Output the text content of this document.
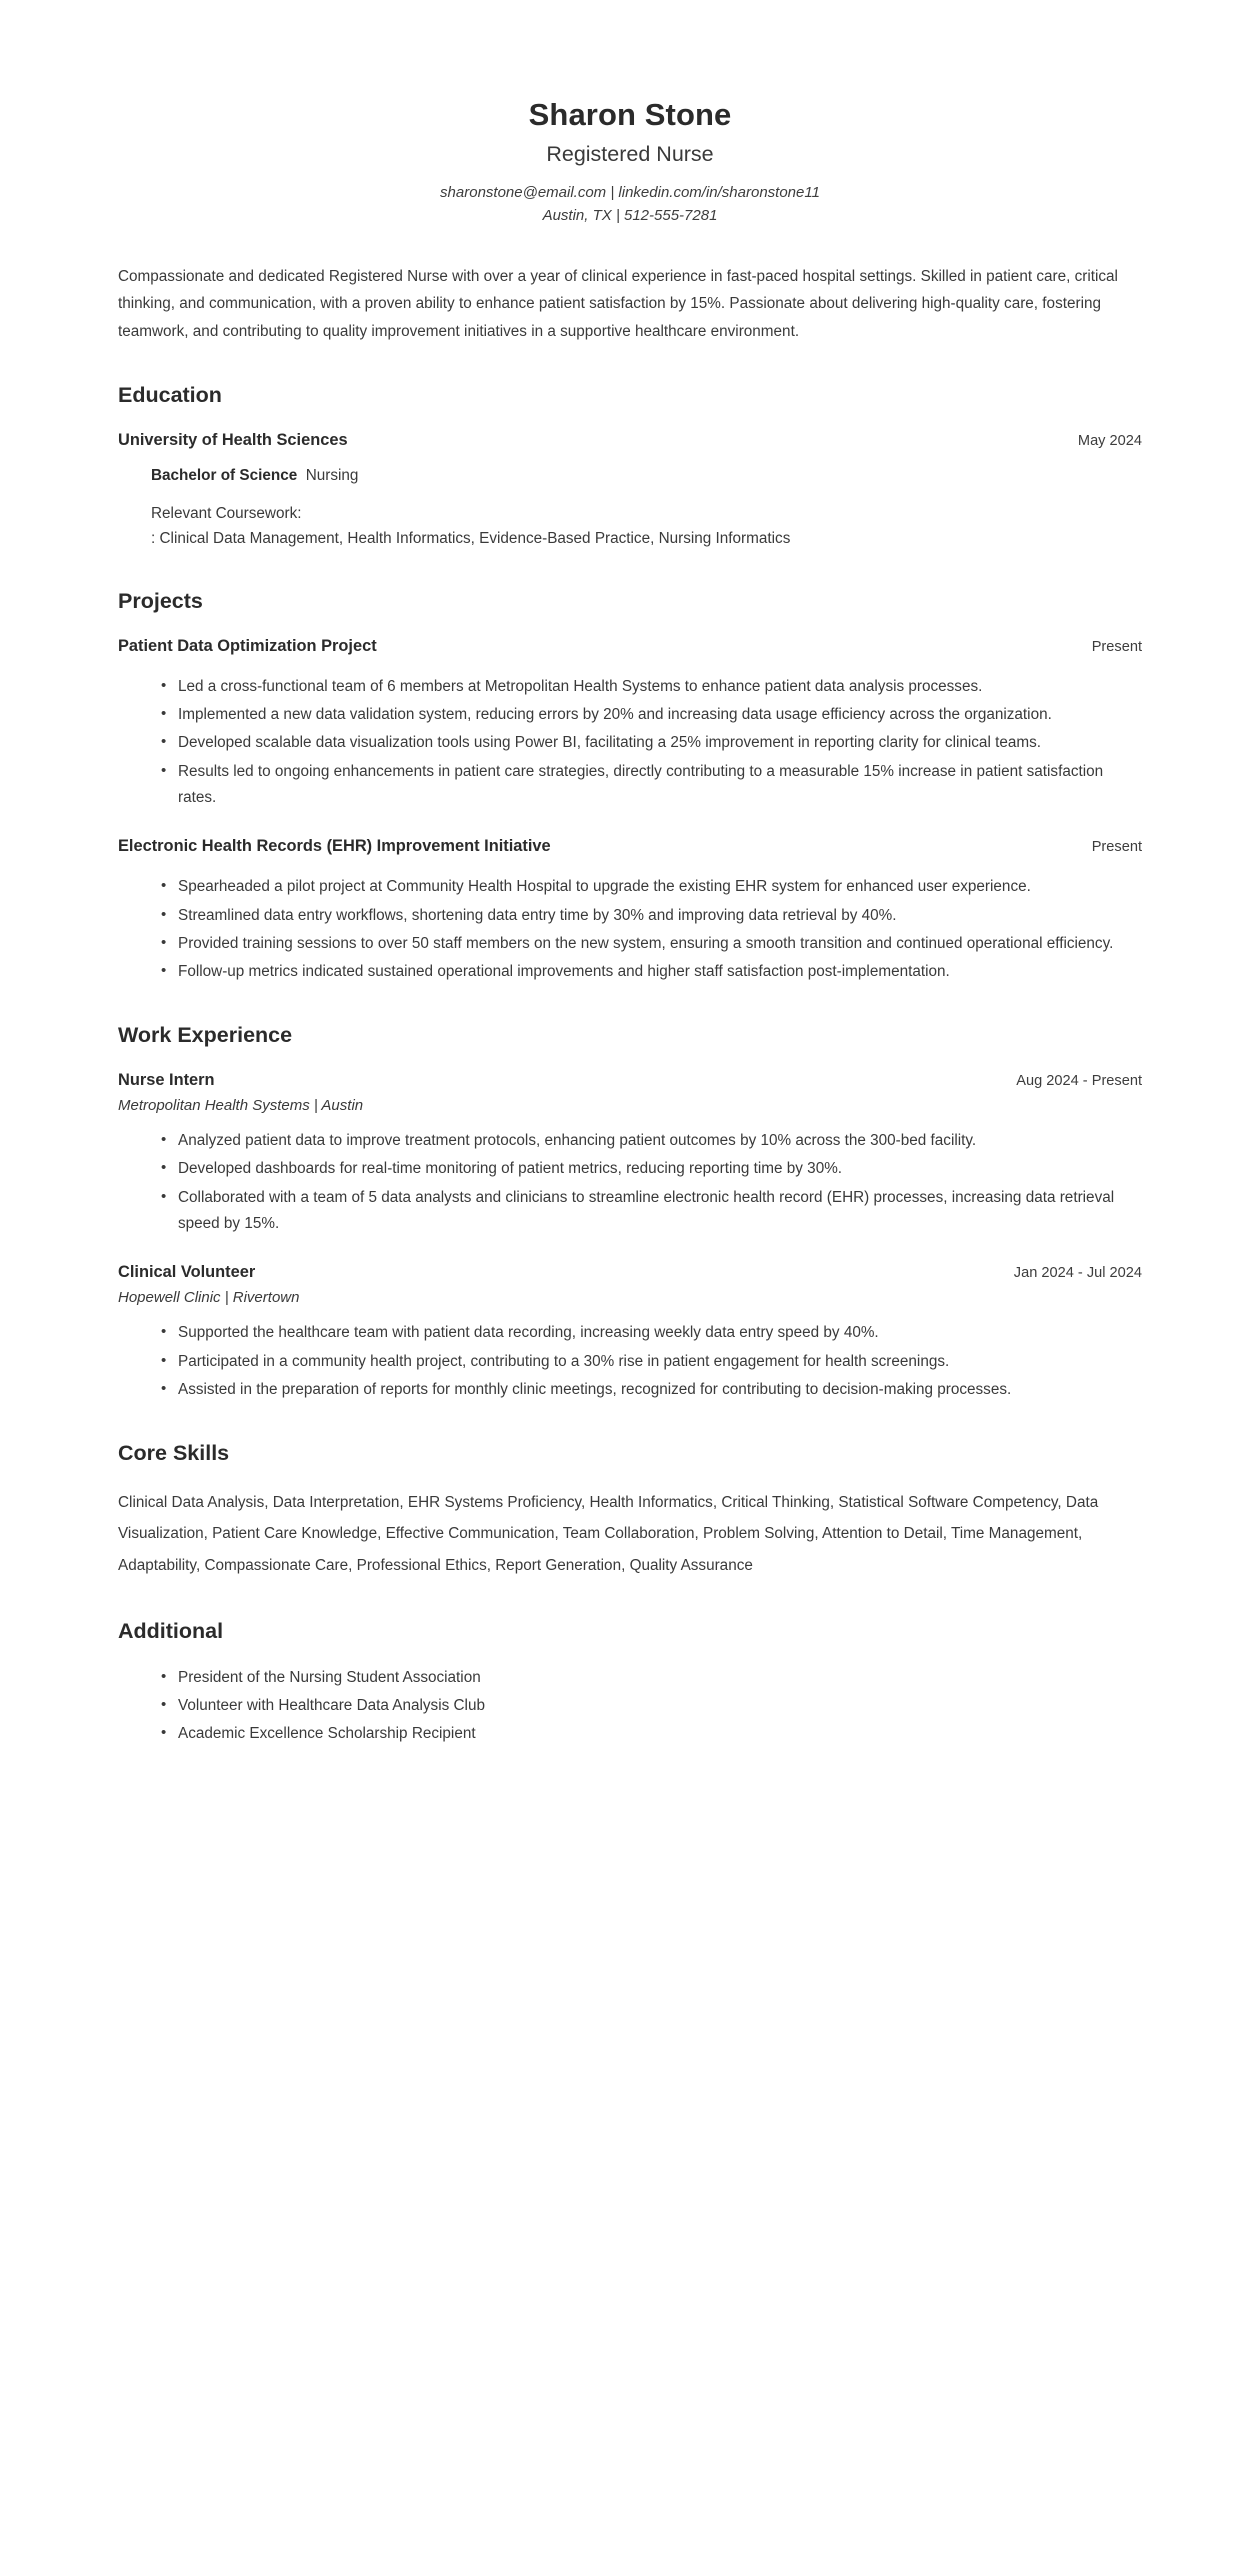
Sharon Stone
Registered Nurse
sharonstone@email.com | linkedin.com/in/sharonstone11
Austin, TX | 512-555-7281
Compassionate and dedicated Registered Nurse with over a year of clinical experience in fast-paced hospital settings. Skilled in patient care, critical thinking, and communication, with a proven ability to enhance patient satisfaction by 15%. Passionate about delivering high-quality care, fostering teamwork, and contributing to quality improvement initiatives in a supportive healthcare environment.
Education
University of Health Sciences	May 2024
Bachelor of Science Nursing
Relevant Coursework:
: Clinical Data Management, Health Informatics, Evidence-Based Practice, Nursing Informatics
Projects
Patient Data Optimization Project	Present
• Led a cross-functional team of 6 members at Metropolitan Health Systems to enhance patient data analysis processes.
• Implemented a new data validation system, reducing errors by 20% and increasing data usage efficiency across the organization.
• Developed scalable data visualization tools using Power BI, facilitating a 25% improvement in reporting clarity for clinical teams.
• Results led to ongoing enhancements in patient care strategies, directly contributing to a measurable 15% increase in patient satisfaction rates.
Electronic Health Records (EHR) Improvement Initiative	Present
• Spearheaded a pilot project at Community Health Hospital to upgrade the existing EHR system for enhanced user experience.
• Streamlined data entry workflows, shortening data entry time by 30% and improving data retrieval by 40%.
• Provided training sessions to over 50 staff members on the new system, ensuring a smooth transition and continued operational efficiency.
• Follow-up metrics indicated sustained operational improvements and higher staff satisfaction post-implementation.
Work Experience
Nurse Intern	Aug 2024 - Present
Metropolitan Health Systems | Austin
• Analyzed patient data to improve treatment protocols, enhancing patient outcomes by 10% across the 300-bed facility.
• Developed dashboards for real-time monitoring of patient metrics, reducing reporting time by 30%.
• Collaborated with a team of 5 data analysts and clinicians to streamline electronic health record (EHR) processes, increasing data retrieval speed by 15%.
Clinical Volunteer	Jan 2024 - Jul 2024
Hopewell Clinic | Rivertown
• Supported the healthcare team with patient data recording, increasing weekly data entry speed by 40%.
• Participated in a community health project, contributing to a 30% rise in patient engagement for health screenings.
• Assisted in the preparation of reports for monthly clinic meetings, recognized for contributing to decision-making processes.
Core Skills
Clinical Data Analysis, Data Interpretation, EHR Systems Proficiency, Health Informatics, Critical Thinking, Statistical Software Competency, Data Visualization, Patient Care Knowledge, Effective Communication, Team Collaboration, Problem Solving, Attention to Detail, Time Management, Adaptability, Compassionate Care, Professional Ethics, Report Generation, Quality Assurance
Additional
• President of the Nursing Student Association
• Volunteer with Healthcare Data Analysis Club
• Academic Excellence Scholarship Recipient
